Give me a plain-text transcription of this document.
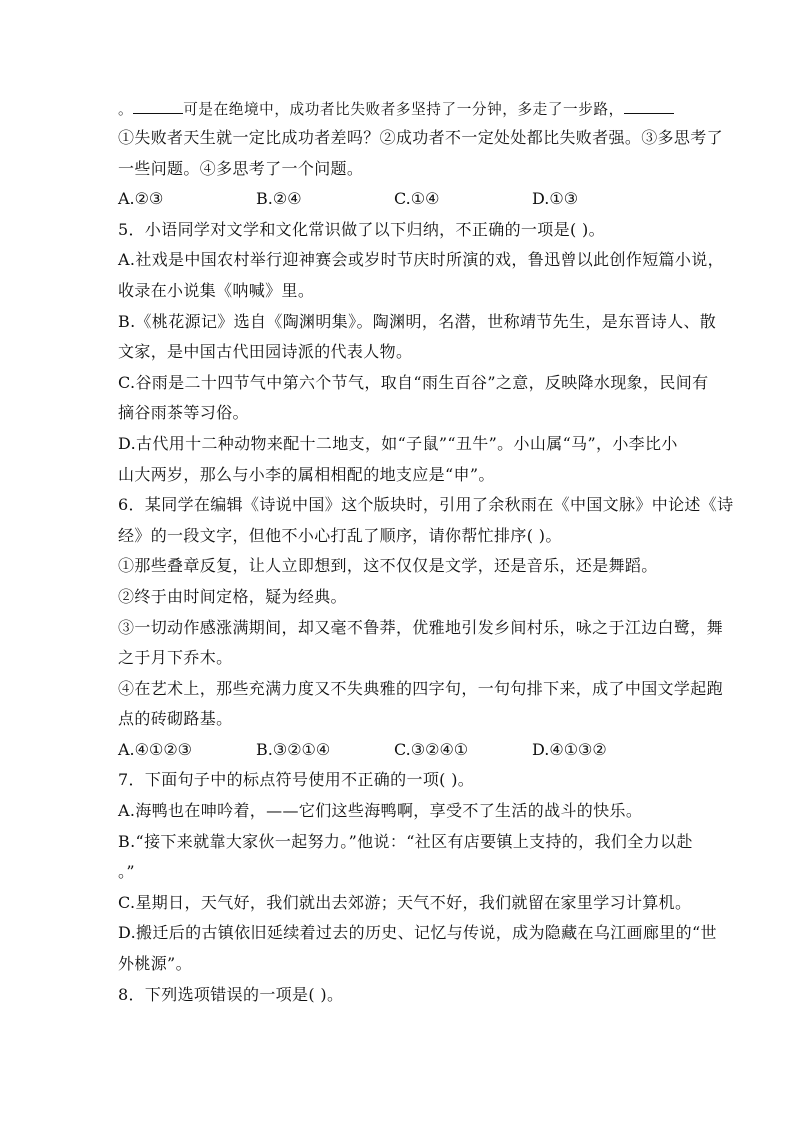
。	可是在绝境中，成功者比失败者多坚持了一分钟，多走了一步路，
①失败者天生就一定比成功者差吗？②成功者不一定处处都比失败者强。③多思考了
一些问题。④多思考了一个问题。
A.②③	B.②④	C.①④	D.①③
5．小语同学对文学和文化常识做了以下归纳，不正确的一项是( )。
A.社戏是中国农村举行迎神赛会或岁时节庆时所演的戏，鲁迅曾以此创作短篇小说，
收录在小说集《呐喊》里。
B.《桃花源记》选自《陶渊明集》。陶渊明，名潜，世称靖节先生，是东晋诗人、散
文家，是中国古代田园诗派的代表人物。
C.谷雨是二十四节气中第六个节气，取自“雨生百谷”之意，反映降水现象，民间有
摘谷雨茶等习俗。
D.古代用十二种动物来配十二地支，如“子鼠”“丑牛”。小山属“马”，小李比小
山大两岁，那么与小李的属相相配的地支应是“申”。
6．某同学在编辑《诗说中国》这个版块时，引用了余秋雨在《中国文脉》中论述《诗
经》的一段文字，但他不小心打乱了顺序，请你帮忙排序( )。
①那些叠章反复，让人立即想到，这不仅仅是文学，还是音乐，还是舞蹈。
②终于由时间定格，疑为经典。
③一切动作感涨满期间，却又毫不鲁莽，优雅地引发乡间村乐，咏之于江边白鹭，舞
之于月下乔木。
④在艺术上，那些充满力度又不失典雅的四字句，一句句排下来，成了中国文学起跑
点的砖砌路基。
A.④①②③	B.③②①④	C.③②④①	D.④①③②
7．下面句子中的标点符号使用不正确的一项( )。
A.海鸭也在呻吟着，——它们这些海鸭啊，享受不了生活的战斗的快乐。
B.“接下来就靠大家伙一起努力。”他说：“社区有店要镇上支持的，我们全力以赴
。”
C.星期日，天气好，我们就出去郊游；天气不好，我们就留在家里学习计算机。
D.搬迁后的古镇依旧延续着过去的历史、记忆与传说，成为隐藏在乌江画廊里的“世
外桃源”。
8．下列选项错误的一项是( )。
